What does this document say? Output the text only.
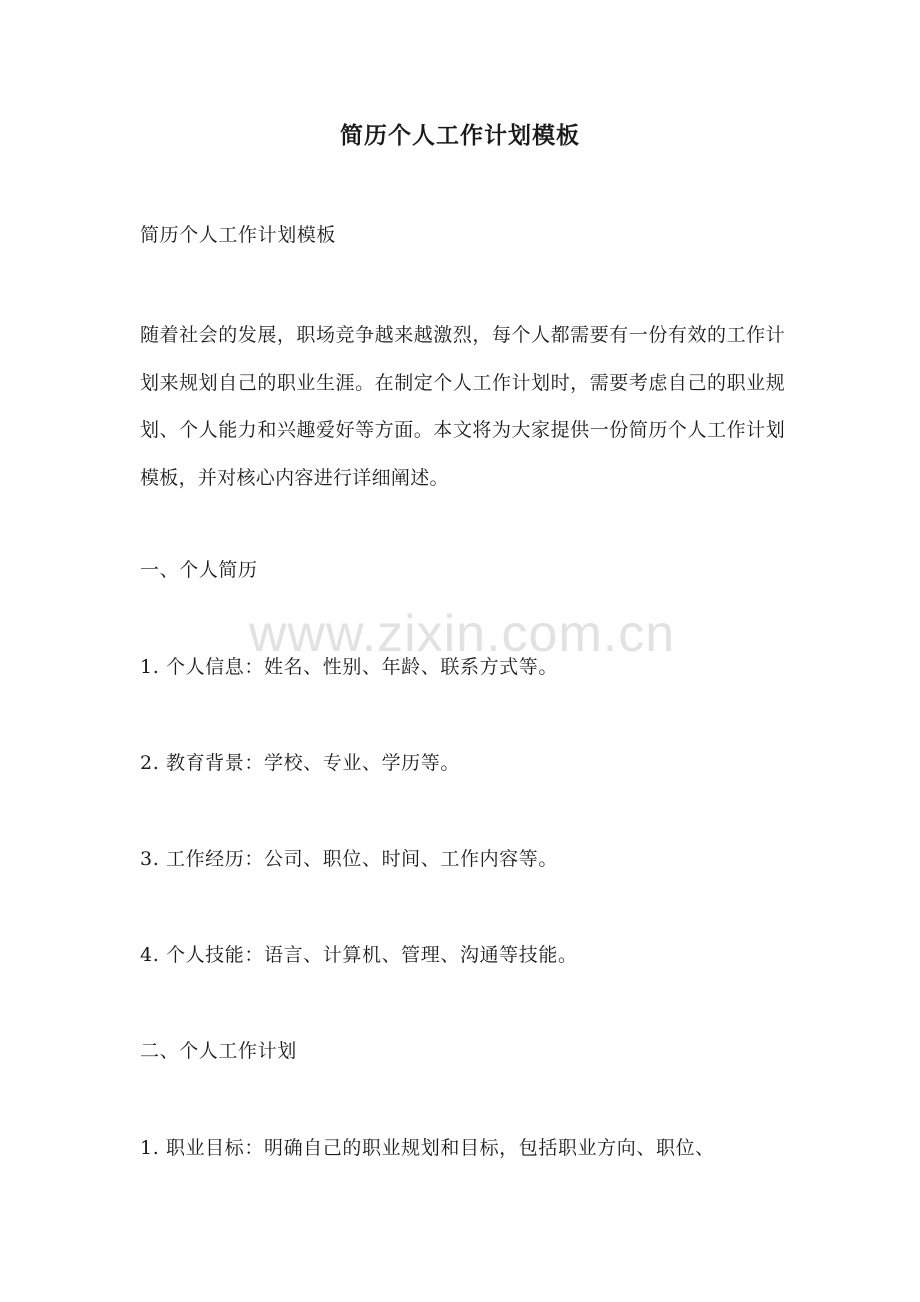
简历个人工作计划模板
简历个人工作计划模板
随着社会的发展，职场竞争越来越激烈，每个人都需要有一份有效的工作计划来规划自己的职业生涯。在制定个人工作计划时，需要考虑自己的职业规划、个人能力和兴趣爱好等方面。本文将为大家提供一份简历个人工作计划模板，并对核心内容进行详细阐述。
一、个人简历
www.zixin.com.cn
1. 个人信息：姓名、性别、年龄、联系方式等。
2. 教育背景：学校、专业、学历等。
3. 工作经历：公司、职位、时间、工作内容等。
4. 个人技能：语言、计算机、管理、沟通等技能。
二、个人工作计划
1. 职业目标：明确自己的职业规划和目标，包括职业方向、职位、
